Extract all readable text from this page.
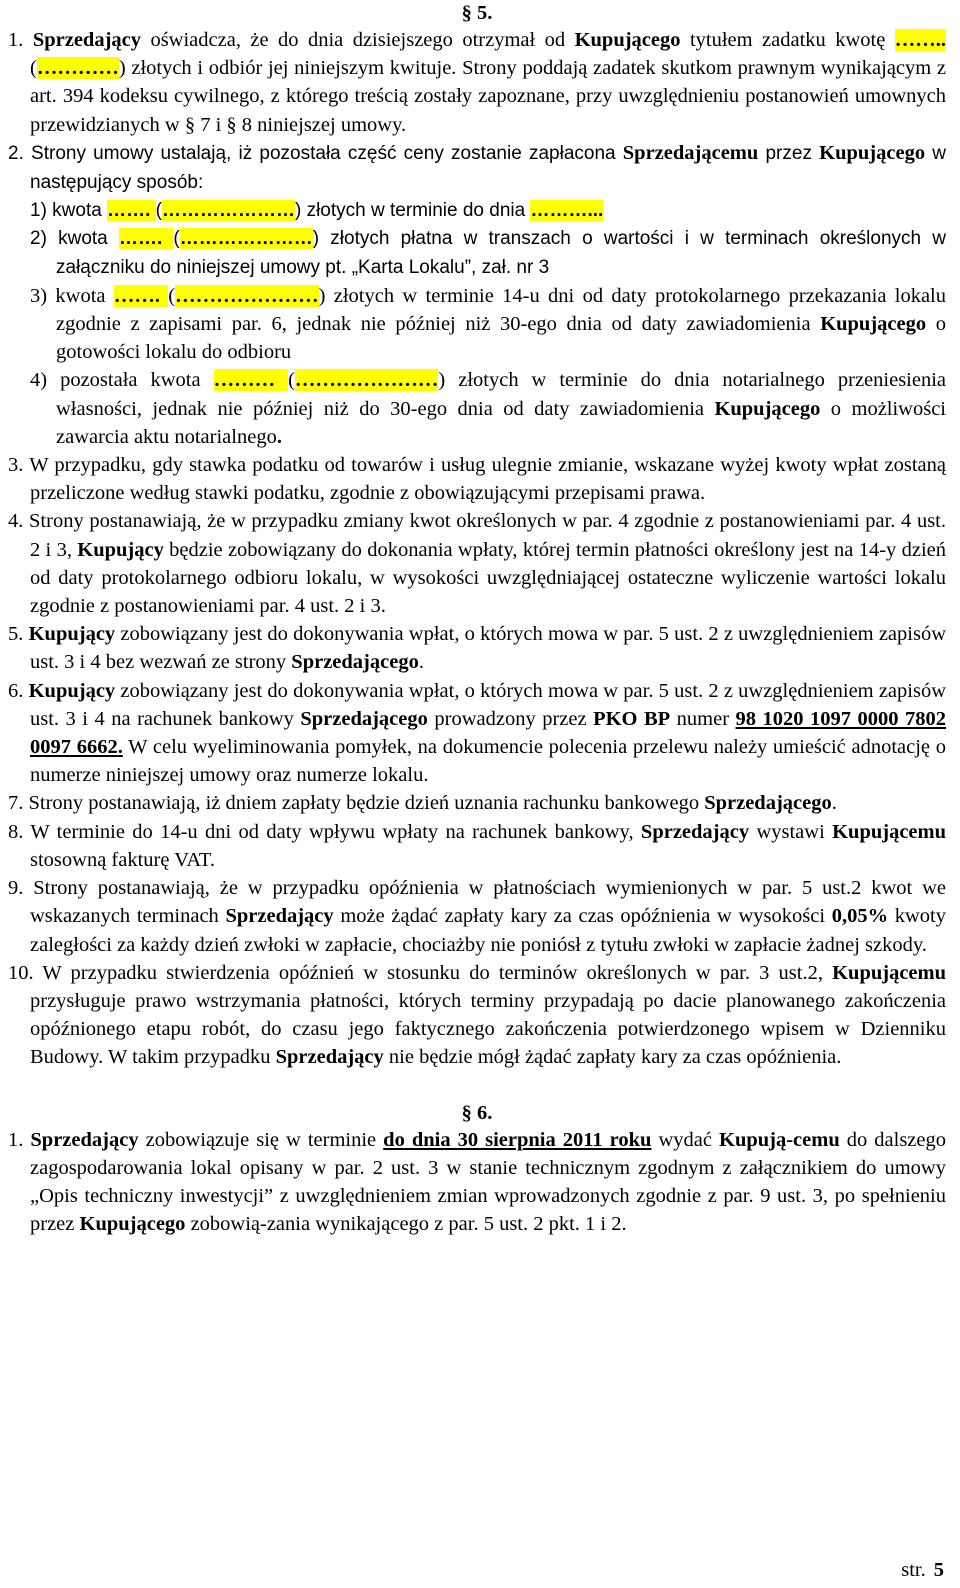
§ 5.

1. Sprzedający oświadcza, że do dnia dzisiejszego otrzymał od Kupującego tytułem zadatku kwotę …….. (…………) złotych i odbiór jej niniejszym kwituje. Strony poddają zadatek skutkom prawnym wynikającym z art. 394 kodeksu cywilnego, z którego treścią zostały zapoznane, przy uwzględnieniu postanowień umownych przewidzianych w § 7 i § 8 niniejszej umowy.

2. Strony umowy ustalają, iż pozostała część ceny zostanie zapłacona Sprzedającemu przez Kupującego w następujący sposób:

1) kwota ……. (…………………) złotych w terminie do dnia ………...

2) kwota ……. (…………………) złotych płatna w transzach o wartości i w terminach określonych w załączniku do niniejszej umowy pt. „Karta Lokalu”, zał. nr 3

3) kwota ……. (…………………) złotych w terminie 14-u dni od daty protokolarnego przekazania lokalu zgodnie z zapisami par. 6, jednak nie później niż 30-ego dnia od daty zawiadomienia Kupującego o gotowości lokalu do odbioru

4) pozostała kwota ……… (…………………) złotych w terminie do dnia notarialnego przeniesienia własności, jednak nie później niż do 30-ego dnia od daty zawiadomienia Kupującego o możliwości zawarcia aktu notarialnego.

3. W przypadku, gdy stawka podatku od towarów i usług ulegnie zmianie, wskazane wyżej kwoty wpłat zostaną przeliczone według stawki podatku, zgodnie z obowiązującymi przepisami prawa.

4. Strony postanawiają, że w przypadku zmiany kwot określonych w par. 4 zgodnie z postanowieniami par. 4 ust. 2 i 3, Kupujący będzie zobowiązany do dokonania wpłaty, której termin płatności określony jest na 14-y dzień od daty protokolarnego odbioru lokalu, w wysokości uwzględniającej ostateczne wyliczenie wartości lokalu zgodnie z postanowieniami par. 4 ust. 2 i 3.

5. Kupujący zobowiązany jest do dokonywania wpłat, o których mowa w par. 5 ust. 2 z uwzględnieniem zapisów ust. 3 i 4 bez wezwań ze strony Sprzedającego.

6. Kupujący zobowiązany jest do dokonywania wpłat, o których mowa w par. 5 ust. 2 z uwzględnieniem zapisów ust. 3 i 4 na rachunek bankowy Sprzedającego prowadzony przez PKO BP numer 98 1020 1097 0000 7802 0097 6662. W celu wyeliminowania pomyłek, na dokumencie polecenia przelewu należy umieścić adnotację o numerze niniejszej umowy oraz numerze lokalu.

7. Strony postanawiają, iż dniem zapłaty będzie dzień uznania rachunku bankowego Sprzedającego.

8. W terminie do 14-u dni od daty wpływu wpłaty na rachunek bankowy, Sprzedający wystawi Kupującemu stosowną fakturę VAT.

9. Strony postanawiają, że w przypadku opóźnienia w płatnościach wymienionych w par. 5 ust.2 kwot we wskazanych terminach Sprzedający może żądać zapłaty kary za czas opóźnienia w wysokości 0,05% kwoty zaległości za każdy dzień zwłoki w zapłacie, chociażby nie poniósł z tytułu zwłoki w zapłacie żadnej szkody.

10. W przypadku stwierdzenia opóźnień w stosunku do terminów określonych w par. 3 ust.2, Kupującemu przysługuje prawo wstrzymania płatności, których terminy przypadają po dacie planowanego zakończenia opóźnionego etapu robót, do czasu jego faktycznego zakończenia potwierdzonego wpisem w Dzienniku Budowy. W takim przypadku Sprzedający nie będzie mógł żądać zapłaty kary za czas opóźnienia.

§ 6.

1. Sprzedający zobowiązuje się w terminie do dnia 30 sierpnia 2011 roku wydać Kupują-cemu do dalszego zagospodarowania lokal opisany w par. 2 ust. 3 w stanie technicznym zgodnym z załącznikiem do umowy „Opis techniczny inwestycji” z uwzględnieniem zmian wprowadzonych zgodnie z par. 9 ust. 3, po spełnieniu przez Kupującego zobowią-zania wynikającego z par. 5 ust. 2 pkt. 1 i 2.

str. 5
